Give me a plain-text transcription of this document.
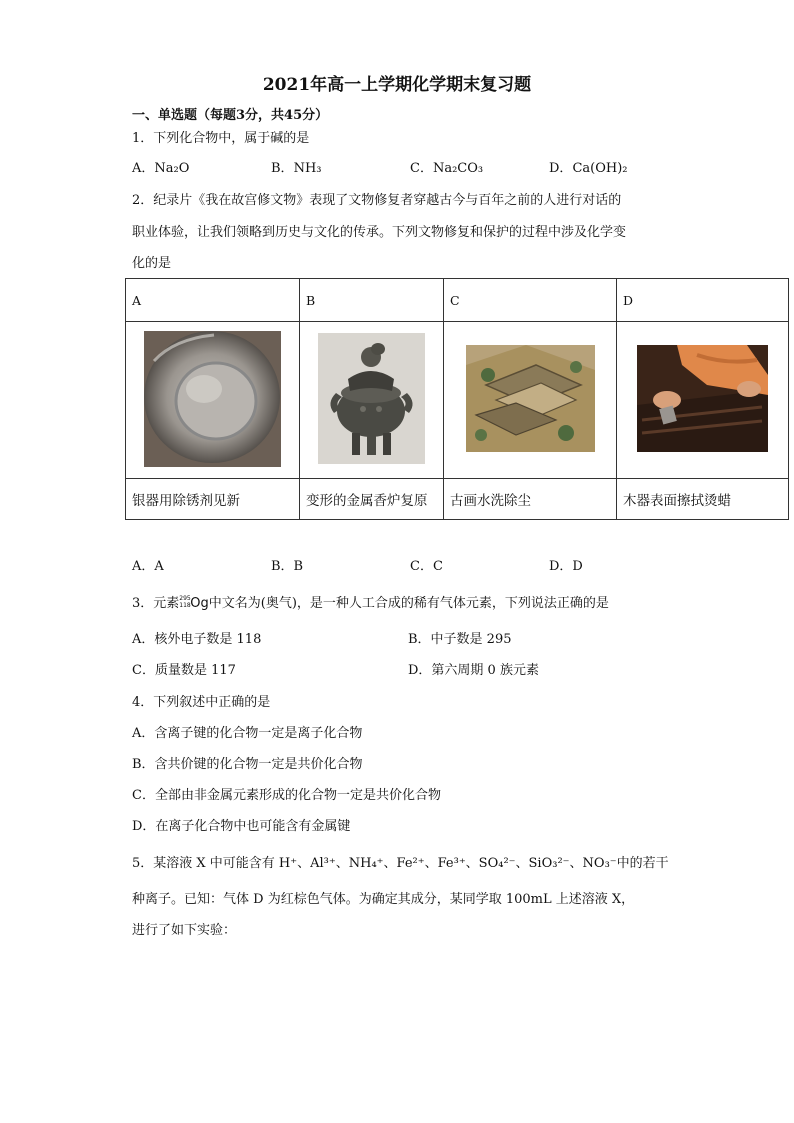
2021年高一上学期化学期末复习题
一、单选题（每题3分，共45分）
1．下列化合物中，属于碱的是
A．Na₂O	B．NH₃	C．Na₂CO₃	D．Ca(OH)₂
2．纪录片《我在故宫修文物》表现了文物修复者穿越古今与百年之前的人进行对话的
职业体验，让我们领略到历史与文化的传承。下列文物修复和保护的过程中涉及化学变
化的是
A	B	C	D

银器用除锈剂见新	变形的金属香炉复原	古画水洗除尘	木器表面擦拭烫蜡
A．A	B．B	C．C	D．D
3．元素 295
118 Og中文名为(奥气)，是一种人工合成的稀有气体元素，下列说法正确的是
A．核外电子数是 118	B．中子数是 295
C．质量数是 117	D．第六周期 0 族元素
4．下列叙述中正确的是
A．含离子键的化合物一定是离子化合物
B．含共价键的化合物一定是共价化合物
C．全部由非金属元素形成的化合物一定是共价化合物
D．在离子化合物中也可能含有金属键
5．某溶液 X 中可能含有 H⁺、Al³⁺、NH₄⁺、Fe²⁺、Fe³⁺、SO₄²⁻、SiO₃²⁻、NO₃⁻中的若干
种离子。已知：气体 D 为红棕色气体。为确定其成分，某同学取 100mL 上述溶液 X，
进行了如下实验：
